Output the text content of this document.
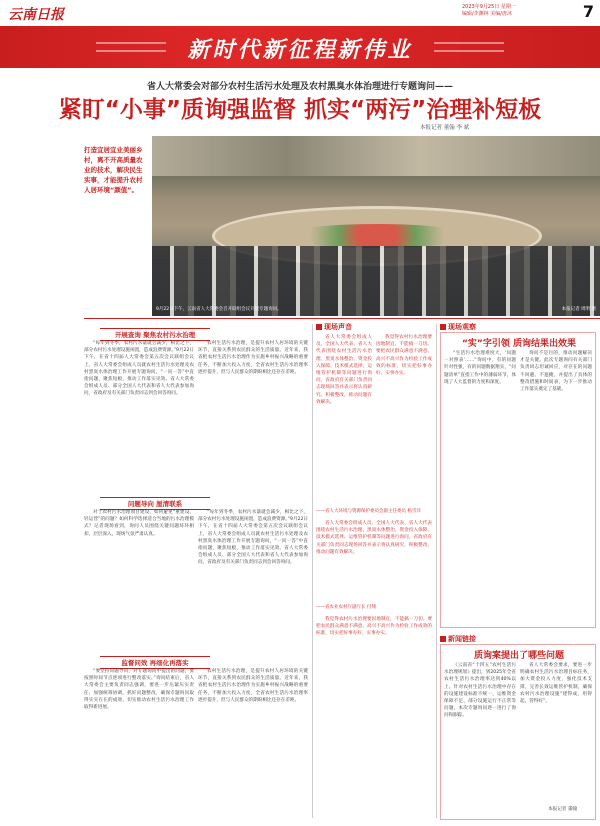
云南日报	2023年9月25日 星期一
编辑/李渊林 美编/唐沐	7
新时代新征程新伟业
省人大常委会对部分农村生活污水处理及农村黑臭水体治理进行专题询问——
紧盯“小事”质询强监督 抓实“两污”治理补短板
本报记者 董翰 李 斌
打造宜居宜业美丽乡村，离不开高质量农业的技术，解决民生实事，才能提升农村人居环境“颜值”。
9月22日下午，云南省人大常委会召开联组会议开展专题询问。	本报记者 周明 摄
开展查询 聚焦农村污水治理

“每年到冬季，农村污水量就会减少，相比之下，部分农村污水处理设施闲置，造成浪费资源。”9月22日下午，在省十四届人大常委会第五次会议联组会议上，省人大常委会组成人员就农村生活污水处理及农村黑臭水体治理工作开展专题询问，“一问一答”中直指问题，聚焦短板，推动工作落实见效。省人大常委会组成人员、部分全国人大代表和省人大代表参加询问，省政府及有关部门负责同志到会回答询问。

农村生活污水治理，是提升农村人居环境的关键环节，直接关系到农民群众的生活质量。近年来，我省把农村生活污水治理作为实施乡村振兴战略的重要任务，不断加大投入力度，全省农村生活污水治理率逐步提升，但与人民群众的期盼相比还存在差距。

问题导向 厘清联系

对于农村污水治理项目建设，如何避免“重建设、轻运营”的问题？如何科学选择适合当地的污水治理模式？记者现场看到，询问人员围绕关键问题环环相扣，层层深入，现场气氛严肃认真。

“每年到冬季，农村污水量就会减少，相比之下，部分农村污水处理设施闲置，造成浪费资源。”9月22日下午，在省十四届人大常委会第五次会议联组会议上，省人大常委会组成人员就农村生活污水处理及农村黑臭水体治理工作开展专题询问，“一问一答”中直指问题，聚焦短板，推动工作落实见效。省人大常委会组成人员、部分全国人大代表和省人大代表参加询问，省政府及有关部门负责同志到会回答询问。

监督问效 再细化再落实

“要坚持问题导向，对专题询问中提出的问题，要按照时间节点逐项进行整改落实。”询问结束后，省人大常委会主要负责同志强调，要进一步压紧压实责任，加强统筹协调，抓好问题整改，确保专题询问取得实实在在的成效，切实推动农村生活污水治理工作取得新进展。

农村生活污水治理，是提升农村人居环境的关键环节，直接关系到农民群众的生活质量。近年来，我省把农村生活污水治理作为实施乡村振兴战略的重要任务，不断加大投入力度，全省农村生活污水治理率逐步提升，但与人民群众的期盼相比还存在差距。

现场声音

省人大常委会组成人员、全国人大代表、省人大代表围绕农村生活污水治理、黑臭水体整治、资金投入保障、技术模式选择、运维管护机制等问题进行询问，省政府有关部门负责同志现场回答并表示将认真研究、积极整改，推动问题有效解决。

我觉得农村污水治理要因地制宜，不能搞一刀切。要把农民群众满意不满意、高兴不高兴作为检验工作成效的标准，切实把好事办好、实事办实。

——省人大环境与资源保护委员会副主任委员 杨雪洋

省人大常委会组成人员、全国人大代表、省人大代表围绕农村生活污水治理、黑臭水体整治、资金投入保障、技术模式选择、运维管护机制等问题进行询问，省政府有关部门负责同志现场回答并表示将认真研究、积极整改，推动问题有效解决。

——省农业农村厅副厅长 付翔

我觉得农村污水治理要因地制宜，不能搞一刀切。要把农民群众满意不满意、高兴不高兴作为检验工作成效的标准，切实把好事办好、实事办实。

现场观察
“实”字引领 质询结果出效果

“生活污水治理难度大，‘问题一对照表’……”询问中，有的问题针对性强，有的问题数据翔实，“问题清单”直指工作中的薄弱环节，体现了人大监督的力度和深度。

询问不是目的，推动问题解决才是关键。此次专题询问有关部门负责同志坦诚回应，对存在的问题不回避、不遮掩，并提出了具体的整改措施和时间表，为下一步推动工作落实奠定了基础。

新闻链接
质询案提出了哪些问题

《云南省“十四五”农村生活污水治理规划》提出，到2025年全省农村生活污水治理率达到40%以上。针对农村生活污水治理中存在的设施建设标准不统一、运维资金保障不足、部分设施运行不正常等问题，本次专题询问逐一进行了询问和跟踪。

省人大常委会要求，要进一步明确农村生活污水治理目标任务，加大资金投入力度，强化技术支撑，完善长效运维管护机制，确保农村污水治理设施“建得成、用得起、管得好”。

本报记者 董翰
